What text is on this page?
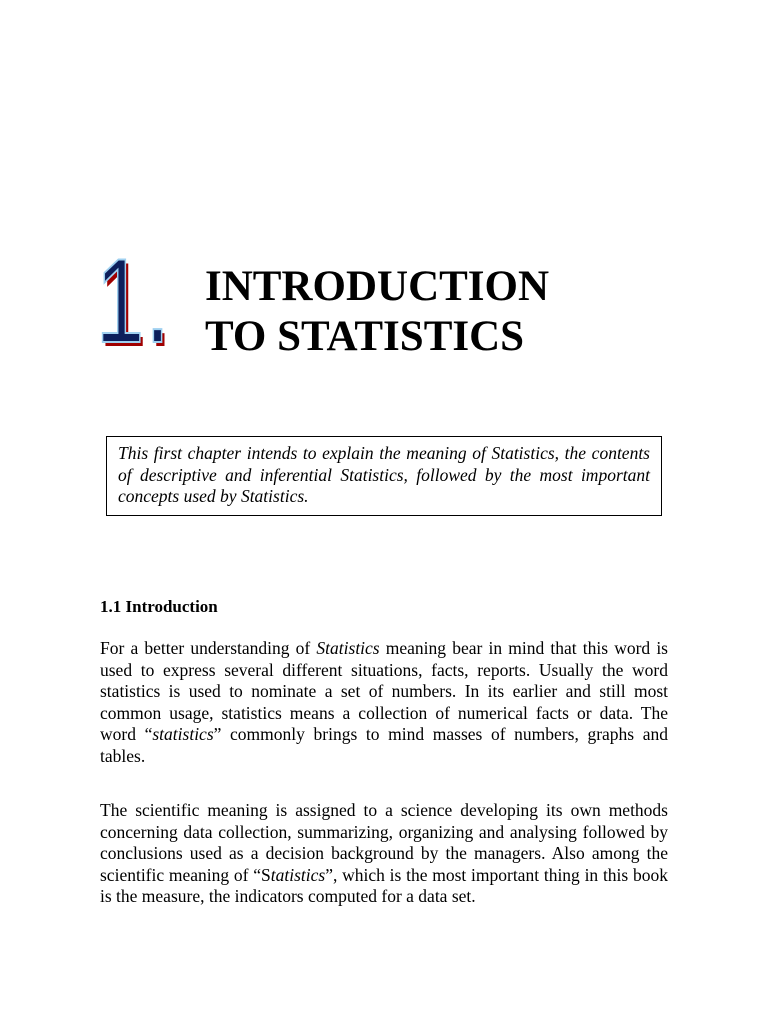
1. INTRODUCTION
TO STATISTICS

This first chapter intends to explain the meaning of Statistics, the contents of descriptive and inferential Statistics, followed by the most important concepts used by Statistics.

1.1 Introduction

For a better understanding of Statistics meaning bear in mind that this word is used to express several different situations, facts, reports. Usually the word statistics is used to nominate a set of numbers. In its earlier and still most common usage, statistics means a collection of numerical facts or data. The word “statistics” commonly brings to mind masses of numbers, graphs and tables.

The scientific meaning is assigned to a science developing its own methods concerning data collection, summarizing, organizing and analysing followed by conclusions used as a decision background by the managers. Also among the scientific meaning of “Statistics”, which is the most important thing in this book is the measure, the indicators computed for a data set.
